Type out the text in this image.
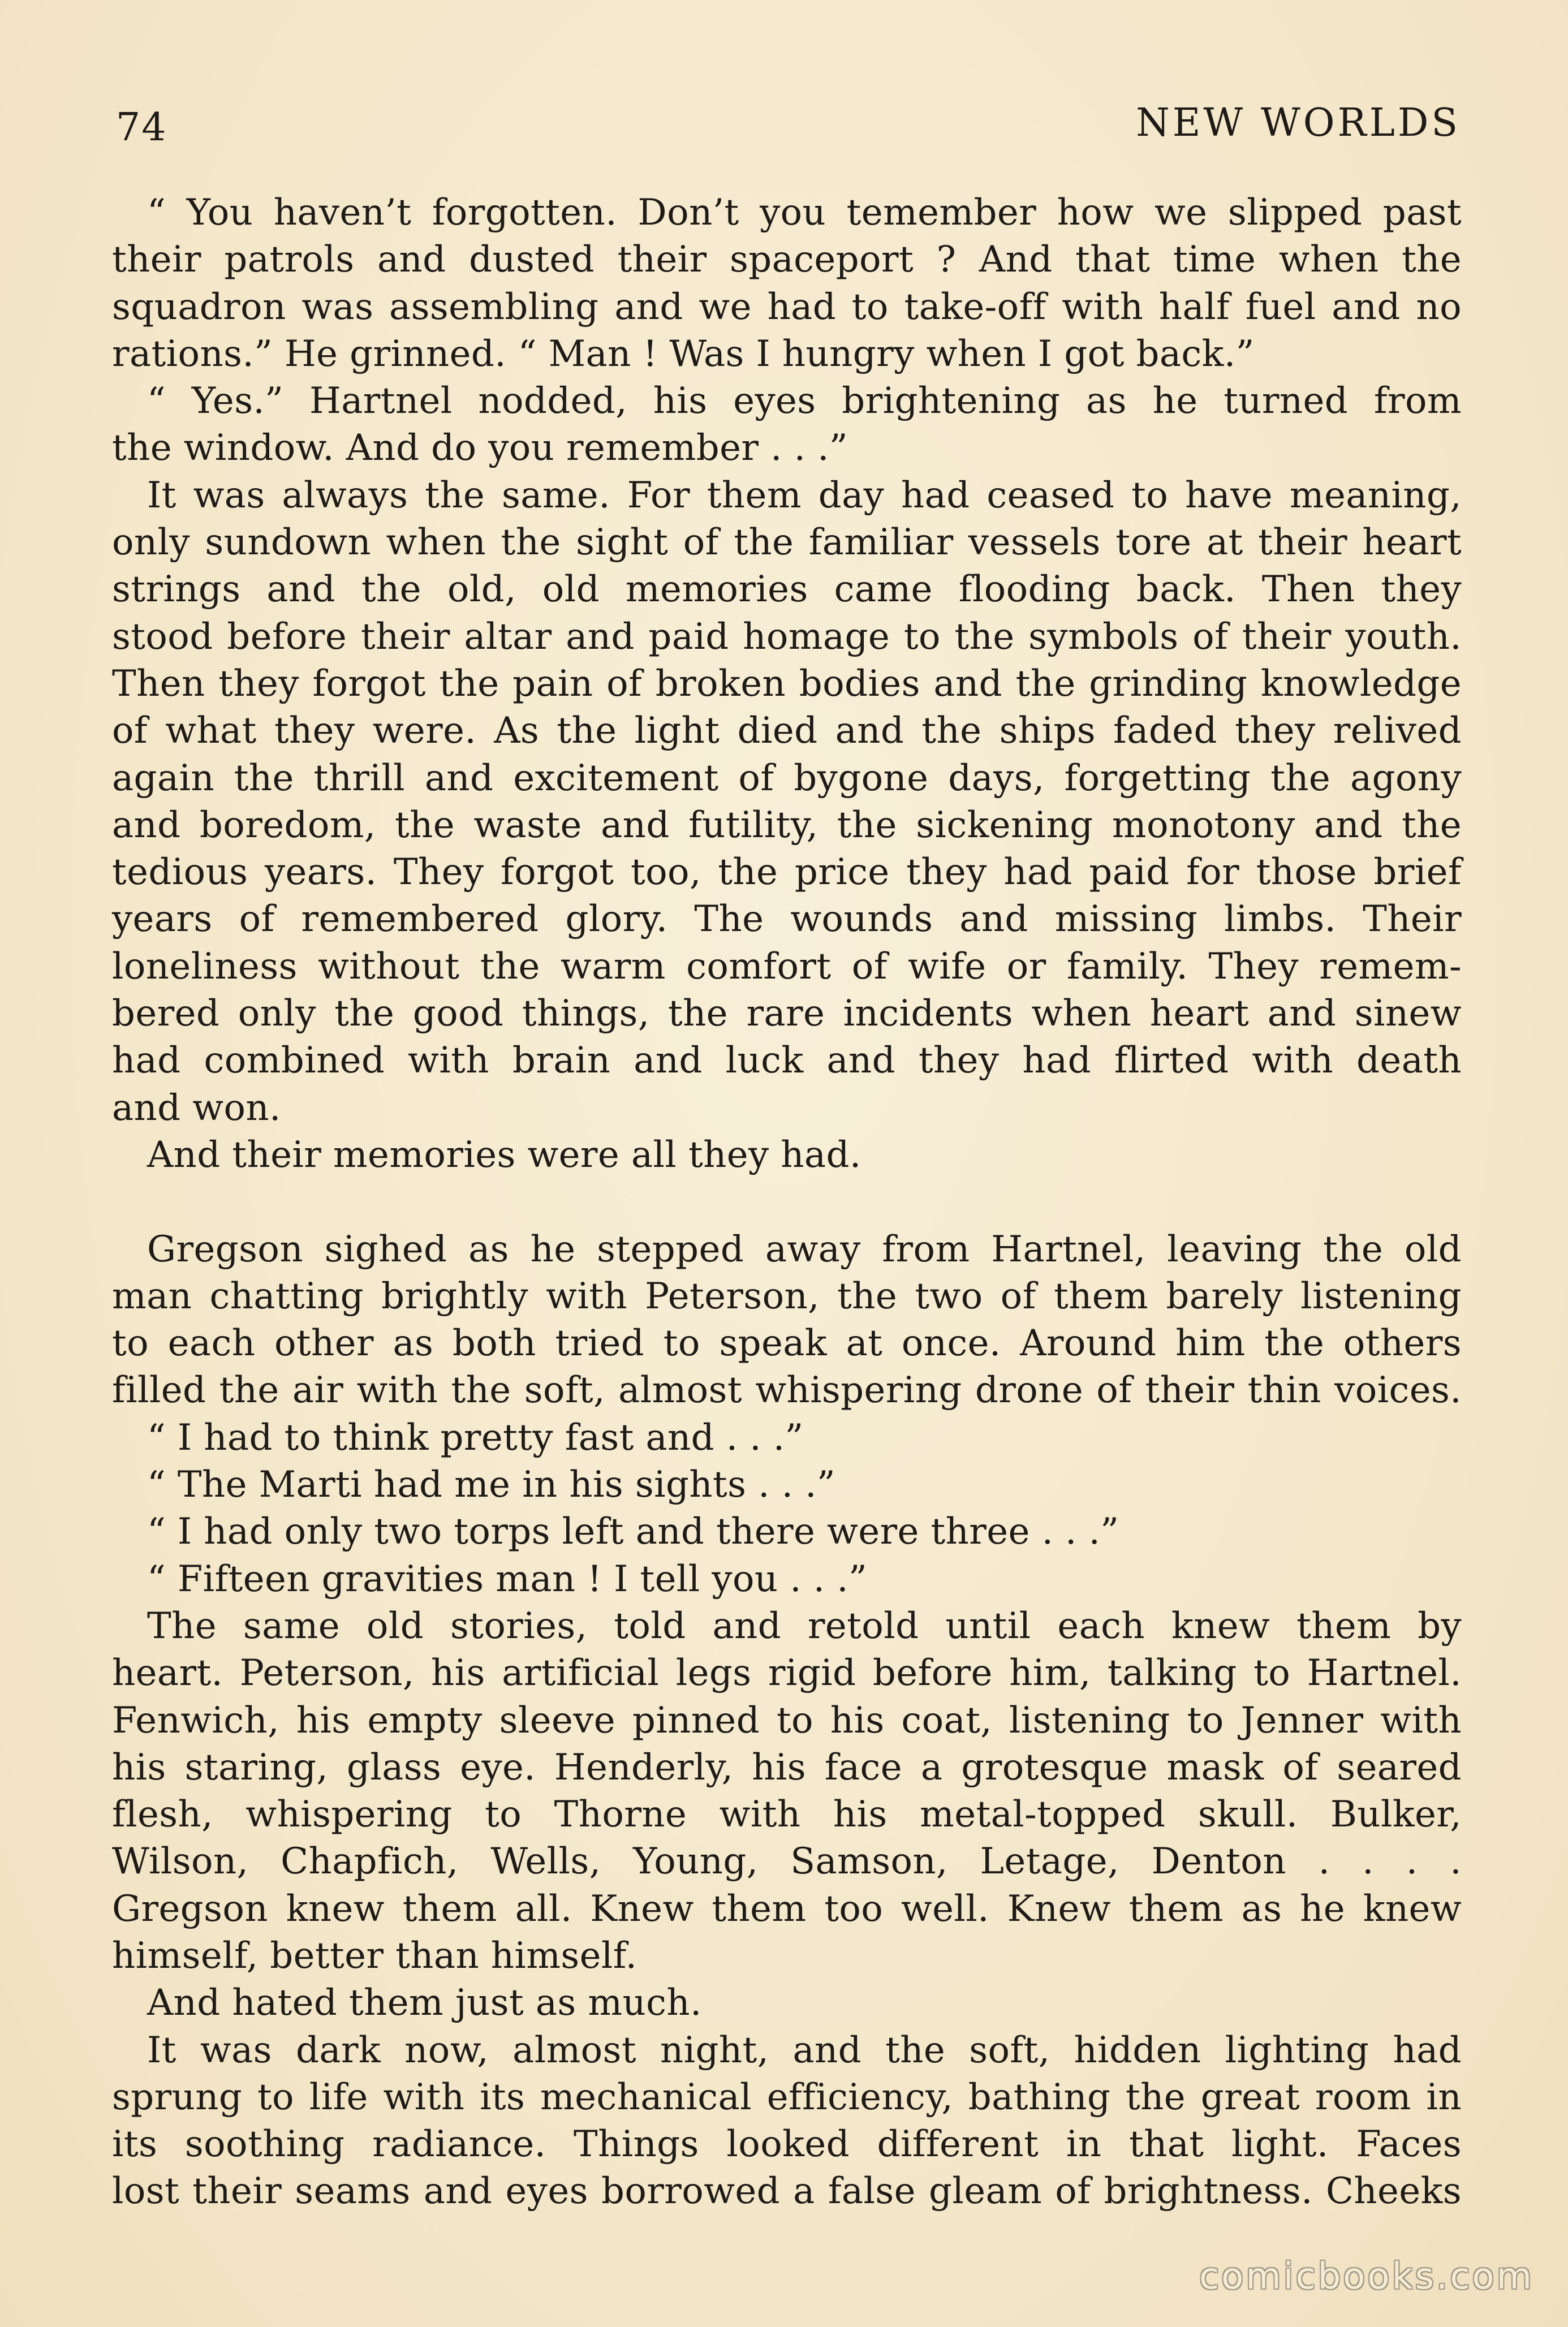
74	NEW WORLDS
“ You haven’t forgotten. Don’t you temember how we slipped past
their patrols and dusted their spaceport ? And that time when the
squadron was assembling and we had to take-off with half fuel and no
rations.” He grinned. “ Man ! Was I hungry when I got back.”
“ Yes.” Hartnel nodded, his eyes brightening as he turned from
the window. And do you remember . . .”
It was always the same. For them day had ceased to have meaning,
only sundown when the sight of the familiar vessels tore at their heart
strings and the old, old memories came flooding back. Then they
stood before their altar and paid homage to the symbols of their youth.
Then they forgot the pain of broken bodies and the grinding knowledge
of what they were. As the light died and the ships faded they relived
again the thrill and excitement of bygone days, forgetting the agony
and boredom, the waste and futility, the sickening monotony and the
tedious years. They forgot too, the price they had paid for those brief
years of remembered glory. The wounds and missing limbs. Their
loneliness without the warm comfort of wife or family. They remem-
bered only the good things, the rare incidents when heart and sinew
had combined with brain and luck and they had flirted with death
and won.
And their memories were all they had.
Gregson sighed as he stepped away from Hartnel, leaving the old
man chatting brightly with Peterson, the two of them barely listening
to each other as both tried to speak at once. Around him the others
filled the air with the soft, almost whispering drone of their thin voices.
“ I had to think pretty fast and . . .”
“ The Marti had me in his sights . . .”
“ I had only two torps left and there were three . . .”
“ Fifteen gravities man ! I tell you . . .”
The same old stories, told and retold until each knew them by
heart. Peterson, his artificial legs rigid before him, talking to Hartnel.
Fenwich, his empty sleeve pinned to his coat, listening to Jenner with
his staring, glass eye. Henderly, his face a grotesque mask of seared
flesh, whispering to Thorne with his metal-topped skull. Bulker,
Wilson, Chapfich, Wells, Young, Samson, Letage, Denton . . . .
Gregson knew them all. Knew them too well. Knew them as he knew
himself, better than himself.
And hated them just as much.
It was dark now, almost night, and the soft, hidden lighting had
sprung to life with its mechanical efficiency, bathing the great room in
its soothing radiance. Things looked different in that light. Faces
lost their seams and eyes borrowed a false gleam of brightness. Cheeks
comicbooks.com
